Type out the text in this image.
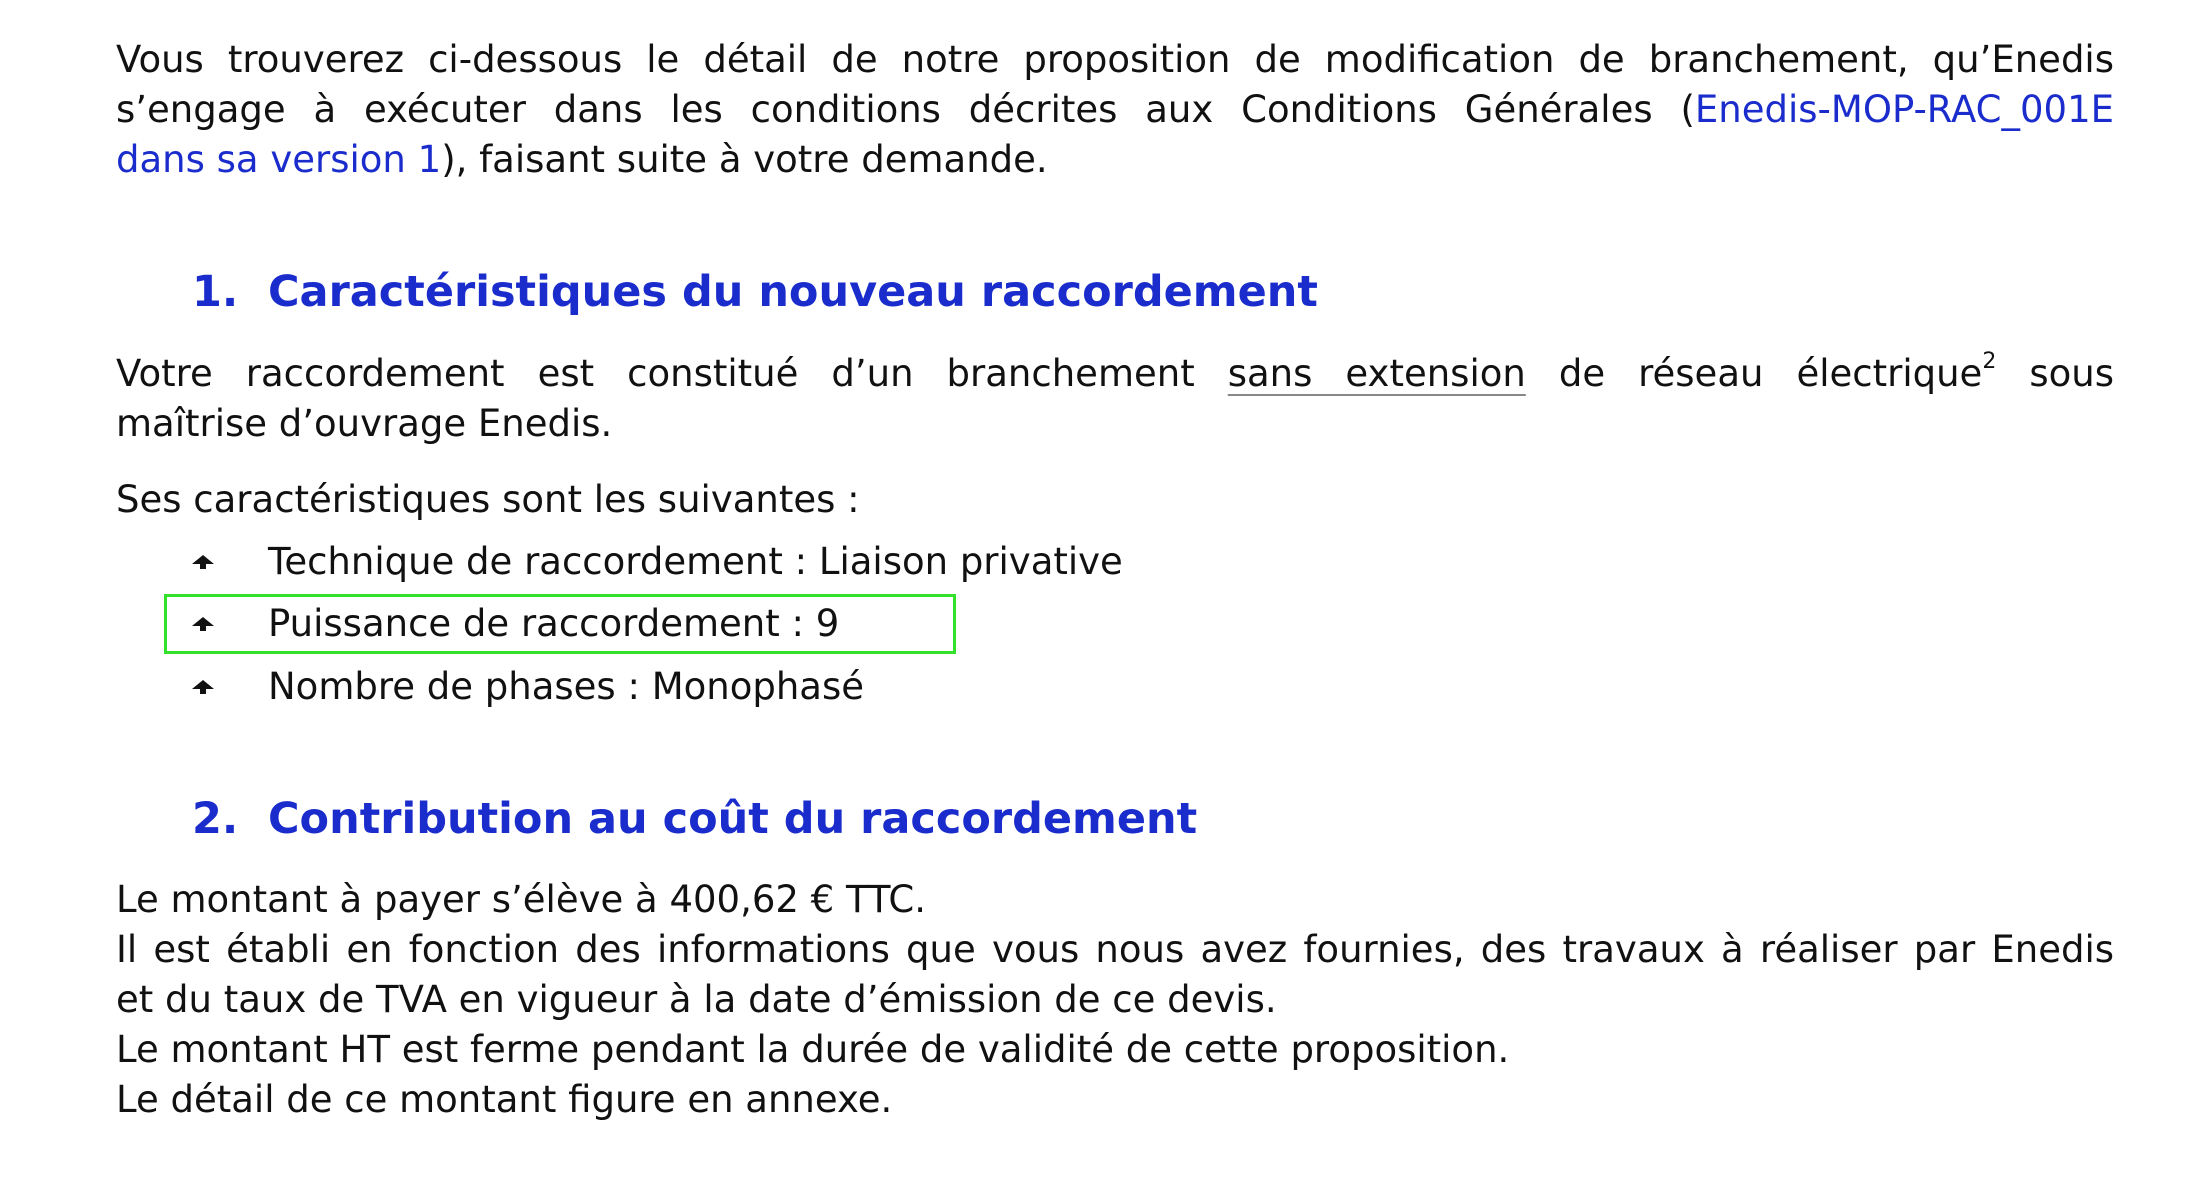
Vous trouverez ci-dessous le détail de notre proposition de modification de branchement, qu’Enedis
s’engage à exécuter dans les conditions décrites aux Conditions Générales (Enedis-MOP-RAC_001E
dans sa version 1), faisant suite à votre demande.
1. Caractéristiques du nouveau raccordement
Votre raccordement est constitué d’un branchement sans extension de réseau électrique$^2$ sous
maîtrise d’ouvrage Enedis.
Ses caractéristiques sont les suivantes :
Technique de raccordement : Liaison privative
Puissance de raccordement : 9
Nombre de phases : Monophasé
2. Contribution au coût du raccordement
Le montant à payer s’élève à 400,62 € TTC.
Il est établi en fonction des informations que vous nous avez fournies, des travaux à réaliser par Enedis
et du taux de TVA en vigueur à la date d’émission de ce devis.
Le montant HT est ferme pendant la durée de validité de cette proposition.
Le détail de ce montant figure en annexe.
